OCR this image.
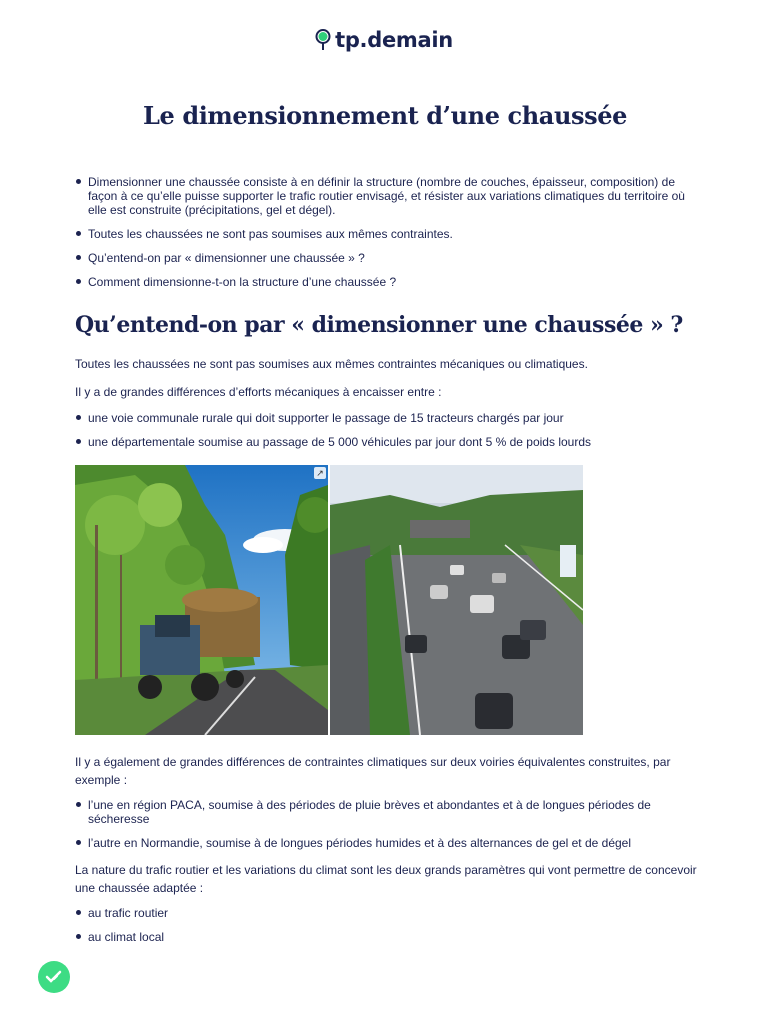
tp.demain
Le dimensionnement d’une chaussée
Dimensionner une chaussée consiste à en définir la structure (nombre de couches, épaisseur, composition) de façon à ce qu’elle puisse supporter le trafic routier envisagé, et résister aux variations climatiques du territoire où elle est construite (précipitations, gel et dégel).
Toutes les chaussées ne sont pas soumises aux mêmes contraintes.
Qu’entend-on par « dimensionner une chaussée » ?
Comment dimensionne-t-on la structure d’une chaussée ?
Qu’entend-on par « dimensionner une chaussée » ?

Toutes les chaussées ne sont pas soumises aux mêmes contraintes mécaniques ou climatiques.

Il y a de grandes différences d’efforts mécaniques à encaisser entre :

une voie communale rurale qui doit supporter le passage de 15 tracteurs chargés par jour
une départementale soumise au passage de 5 000 véhicules par jour dont 5 % de poids lourds
↗

Il y a également de grandes différences de contraintes climatiques sur deux voiries équivalentes construites, par exemple :

l’une en région PACA, soumise à des périodes de pluie brèves et abondantes et à de longues périodes de sécheresse
l’autre en Normandie, soumise à de longues périodes humides et à des alternances de gel et de dégel

La nature du trafic routier et les variations du climat sont les deux grands paramètres qui vont permettre de concevoir une chaussée adaptée :

au trafic routier
au climat local
